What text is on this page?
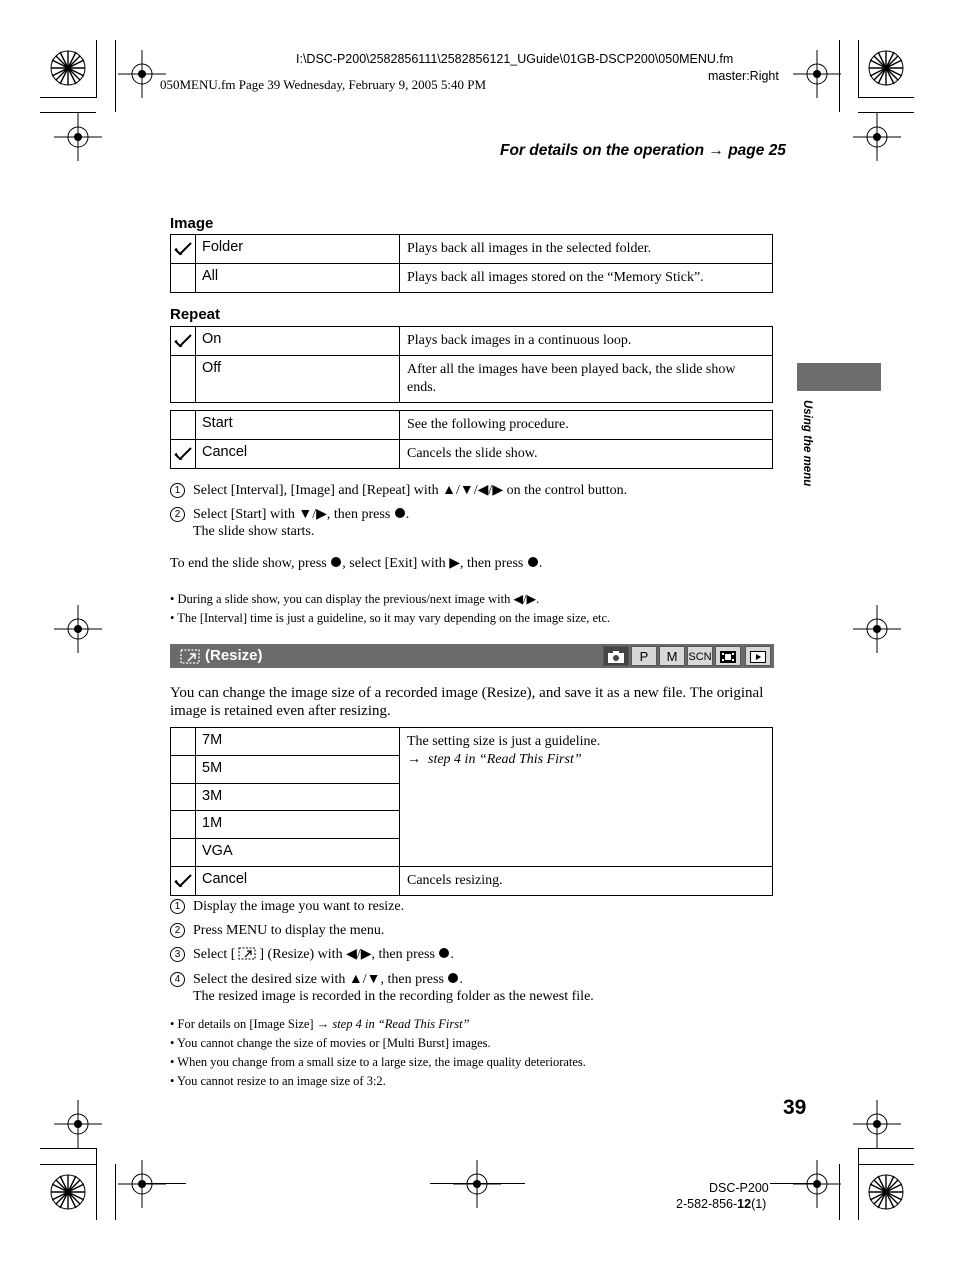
I:\DSC-P200\2582856111\2582856121_UGuide\01GB-DSCP200\050MENU.fm
master:Right
050MENU.fm Page 39 Wednesday, February 9, 2005 5:40 PM
For details on the operation → page 25
Image
	Folder	Plays back all images in the selected folder.
	All	Plays back all images stored on the “Memory Stick”.
Repeat
	On	Plays back images in a continuous loop.
	Off	After all the images have been played back, the slide show ends.
	Start	See the following procedure.

	Cancel	Cancels the slide show.
1 Select [Interval], [Image] and [Repeat] with ▲/▼/◀/▶ on the control button.
2 Select [Start] with ▼/▶, then press .
The slide show starts.
To end the slide show, press , select [Exit] with ▶, then press .
• During a slide show, you can display the previous/next image with ◀/▶.
• The [Interval] time is just a guideline, so it may vary depending on the image size, etc.
(Resize)	P	M SCN
You can change the image size of a recorded image (Resize), and save it as a new file. The original image is retained even after resizing.
	7M	The setting size is just a guideline.
→ step 4 in “Read This First”

	5M	
	3M	
	1M	
	VGA	

	Cancel	Cancels resizing.
1 Display the image you want to resize.
2 Press MENU to display the menu.
3 Select [ ] (Resize) with ◀/▶, then press .
4 Select the desired size with ▲/▼, then press .
The resized image is recorded in the recording folder as the newest file.
• For details on [Image Size] → step 4 in “Read This First”
• You cannot change the size of movies or [Multi Burst] images.
• When you change from a small size to a large size, the image quality deteriorates.
• You cannot resize to an image size of 3:2.
Using the menu
39
DSC-P200
2-582-856-12(1)
